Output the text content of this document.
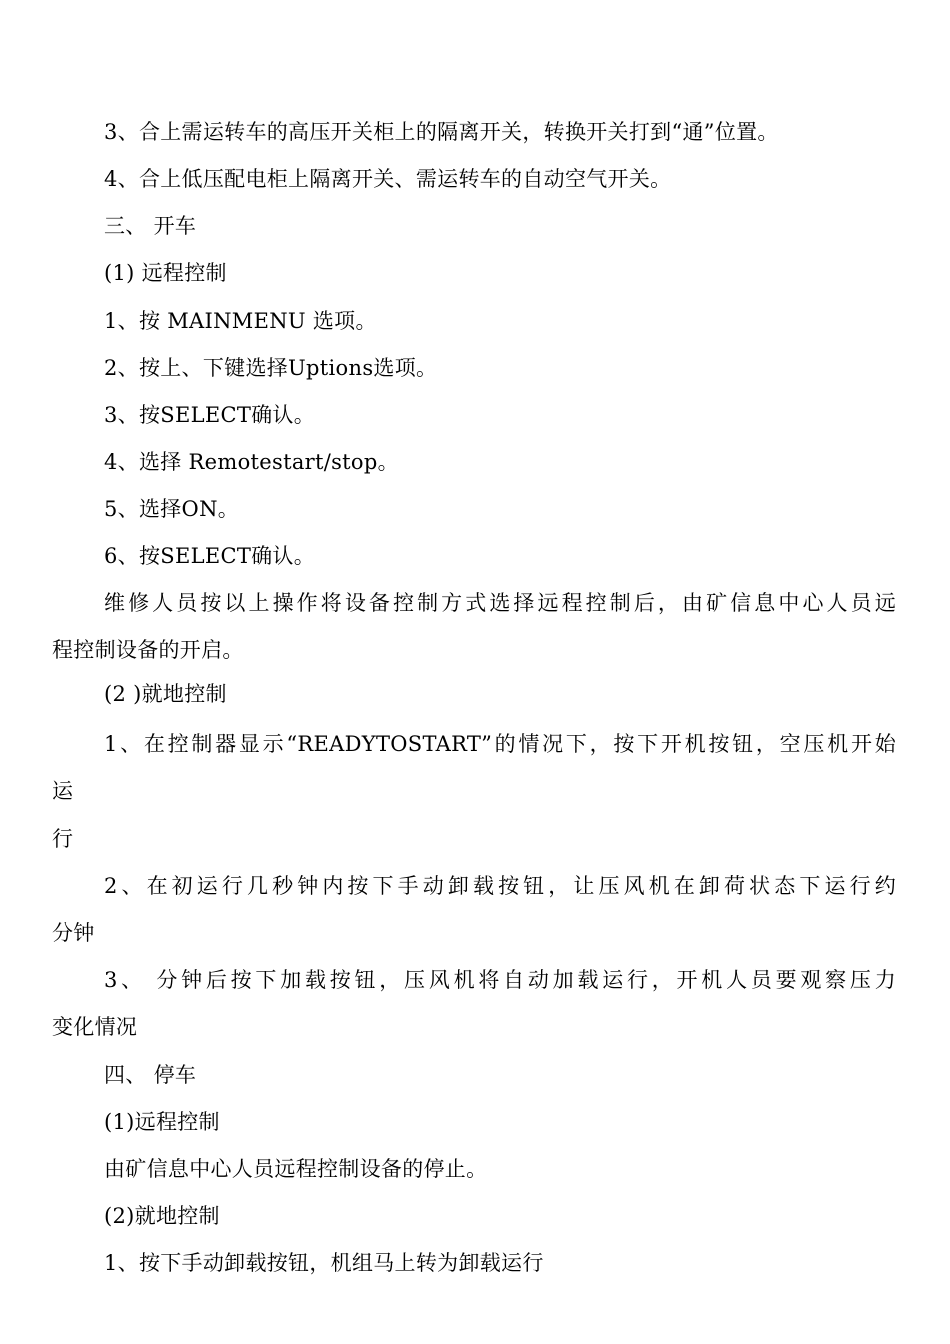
3、合上需运转车的高压开关柜上的隔离开关，转换开关打到“通”位置。

4、合上低压配电柜上隔离开关、需运转车的自动空气开关。

三、 开车

(1) 远程控制

1、按 MAINMENU 选项。

2、按上、下键选择Uptions选项。

3、按SELECT确认。

4、选择 Remotestart/stop。

5、选择ON。

6、按SELECT确认。

维修人员按以上操作将设备控制方式选择远程控制后，由矿信息中心人员远

程控制设备的开启。

(2 )就地控制

1、在控制器显示“READYTOSTART”的情况下，按下开机按钮，空压机开始

运

行

2、在初运行几秒钟内按下手动卸载按钮，让压风机在卸荷状态下运行约

分钟

3、 分钟后按下加载按钮，压风机将自动加载运行，开机人员要观察压力

变化情况

四、 停车

(1)远程控制

由矿信息中心人员远程控制设备的停止。

(2)就地控制

1、按下手动卸载按钮，机组马上转为卸载运行
